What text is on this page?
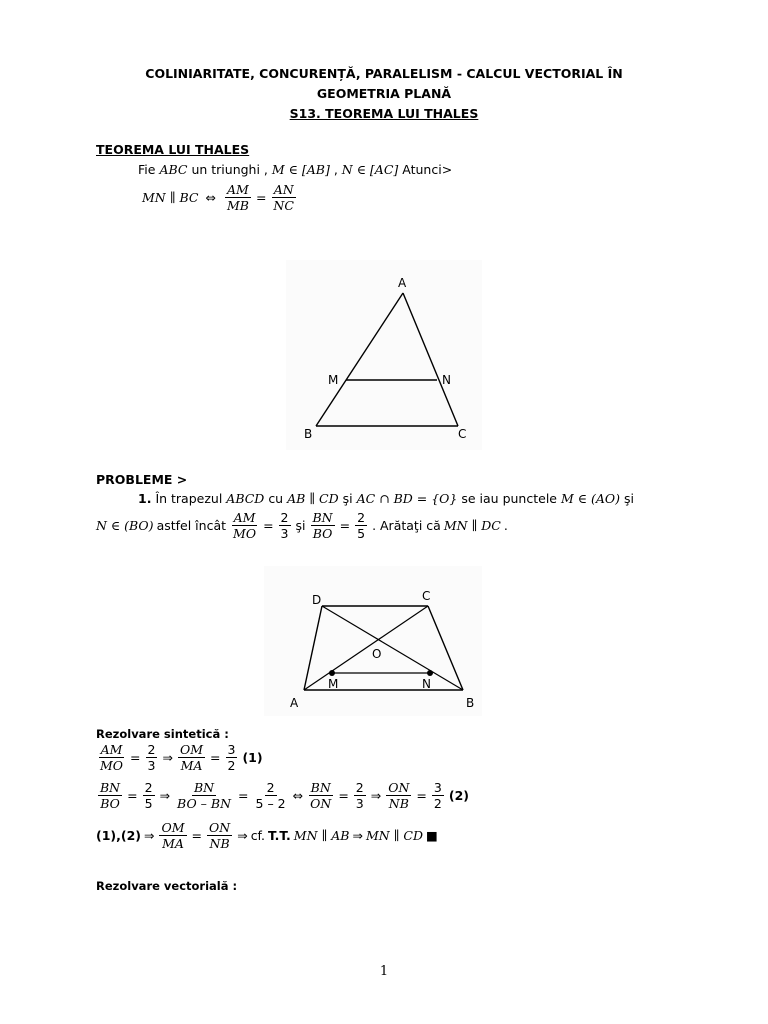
COLINIARITATE, CONCURENȚĂ, PARALELISM - CALCUL VECTORIAL ÎN
GEOMETRIA PLANĂ
S13. TEOREMA LUI THALES
TEOREMA LUI THALES
Fie ABC un triunghi , M ∈ [AB] , N ∈ [AC] Atunci>
MN ∥ BC ⇔ $\frac{AM}{MB} = \frac{AN}{NC}$
A
B	C
M	N
PROBLEME >
1. În trapezul ABCD cu AB ∥ CD şi AC ∩ BD = {O} se iau punctele M ∈ (AO) şi
N ∈ (BO) astfel încât $\frac{AM}{MO} = \frac{2}{3}$ şi $\frac{BN}{BO} = \frac{2}{5}$ . Arătaţi că MN ∥ DC .
A	B
C
D
O
M	N
Rezolvare sintetică :
$\frac{AM}{MO} = \frac{2}{3}$ ⇒ $\frac{OM}{MA} = \frac{3}{2} (1)$
$\frac{BN}{BO} = \frac{2}{5}$ ⇒ $\frac{BN}{BO - BN} = \frac{2}{5 - 2}$ ⇔ $\frac{BN}{ON} = \frac{2}{3}$ ⇒ $\frac{ON}{NB} = \frac{3}{2} (2)$
(1),(2) ⇒ $\frac{OM}{MA} = \frac{ON}{NB}$ ⇒ cf. T.T. MN ∥ AB ⇒ MN ∥ CD ■
Rezolvare vectorială :
1
